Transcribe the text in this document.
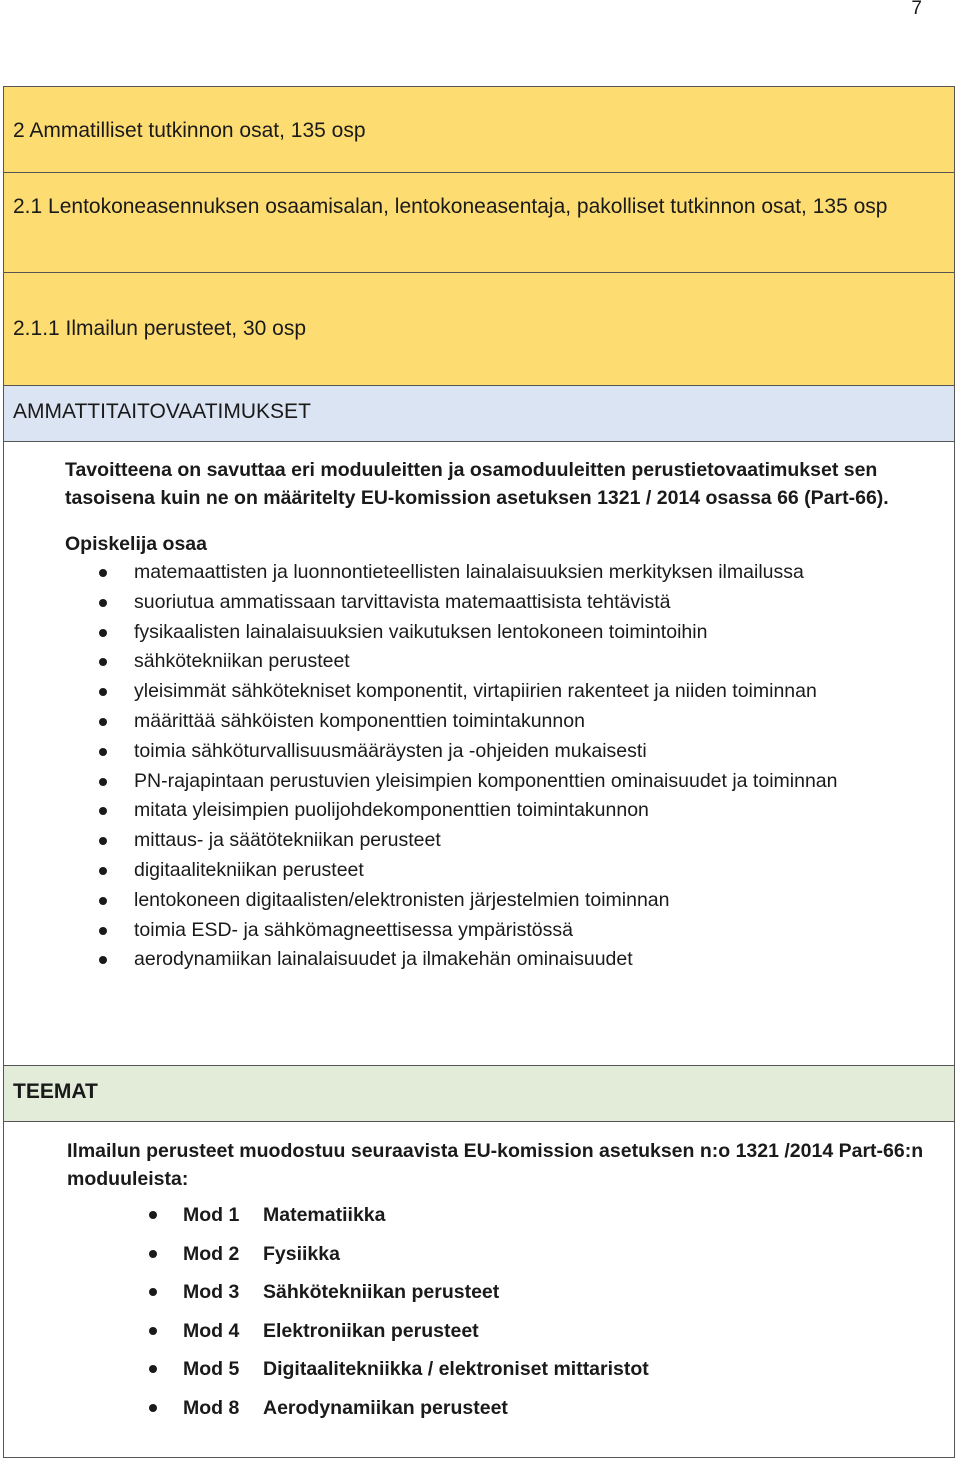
7
2 Ammatilliset tutkinnon osat, 135 osp
2.1 Lentokoneasennuksen osaamisalan, lentokoneasentaja, pakolliset tutkinnon osat, 135 osp
2.1.1 Ilmailun perusteet, 30 osp
AMMATTITAITOVAATIMUKSET

Tavoitteena on savuttaa eri moduuleitten ja osamoduuleitten perustietovaatimukset sen tasoisena kuin ne on määritelty EU-komission asetuksen 1321 / 2014 osassa 66 (Part-66).

Opiskelija osaa

matemaattisten ja luonnontieteellisten lainalaisuuksien merkityksen ilmailussa
suoriutua ammatissaan tarvittavista matemaattisista tehtävistä
fysikaalisten lainalaisuuksien vaikutuksen lentokoneen toimintoihin
sähkötekniikan perusteet
yleisimmät sähkötekniset komponentit, virtapiirien rakenteet ja niiden toiminnan
määrittää sähköisten komponenttien toimintakunnon
toimia sähköturvallisuusmääräysten ja -ohjeiden mukaisesti
PN-rajapintaan perustuvien yleisimpien komponenttien ominaisuudet ja toiminnan
mitata yleisimpien puolijohdekomponenttien toimintakunnon
mittaus- ja säätötekniikan perusteet
digitaalitekniikan perusteet
lentokoneen digitaalisten/elektronisten järjestelmien toiminnan
toimia ESD- ja sähkömagneettisessa ympäristössä
aerodynamiikan lainalaisuudet ja ilmakehän ominaisuudet
TEEMAT

Ilmailun perusteet muodostuu seuraavista EU-komission asetuksen n:o 1321 /2014 Part-66:n moduuleista:

Mod 1 Matematiikka
Mod 2 Fysiikka
Mod 3 Sähkötekniikan perusteet
Mod 4 Elektroniikan perusteet
Mod 5 Digitaalitekniikka / elektroniset mittaristot
Mod 8 Aerodynamiikan perusteet
